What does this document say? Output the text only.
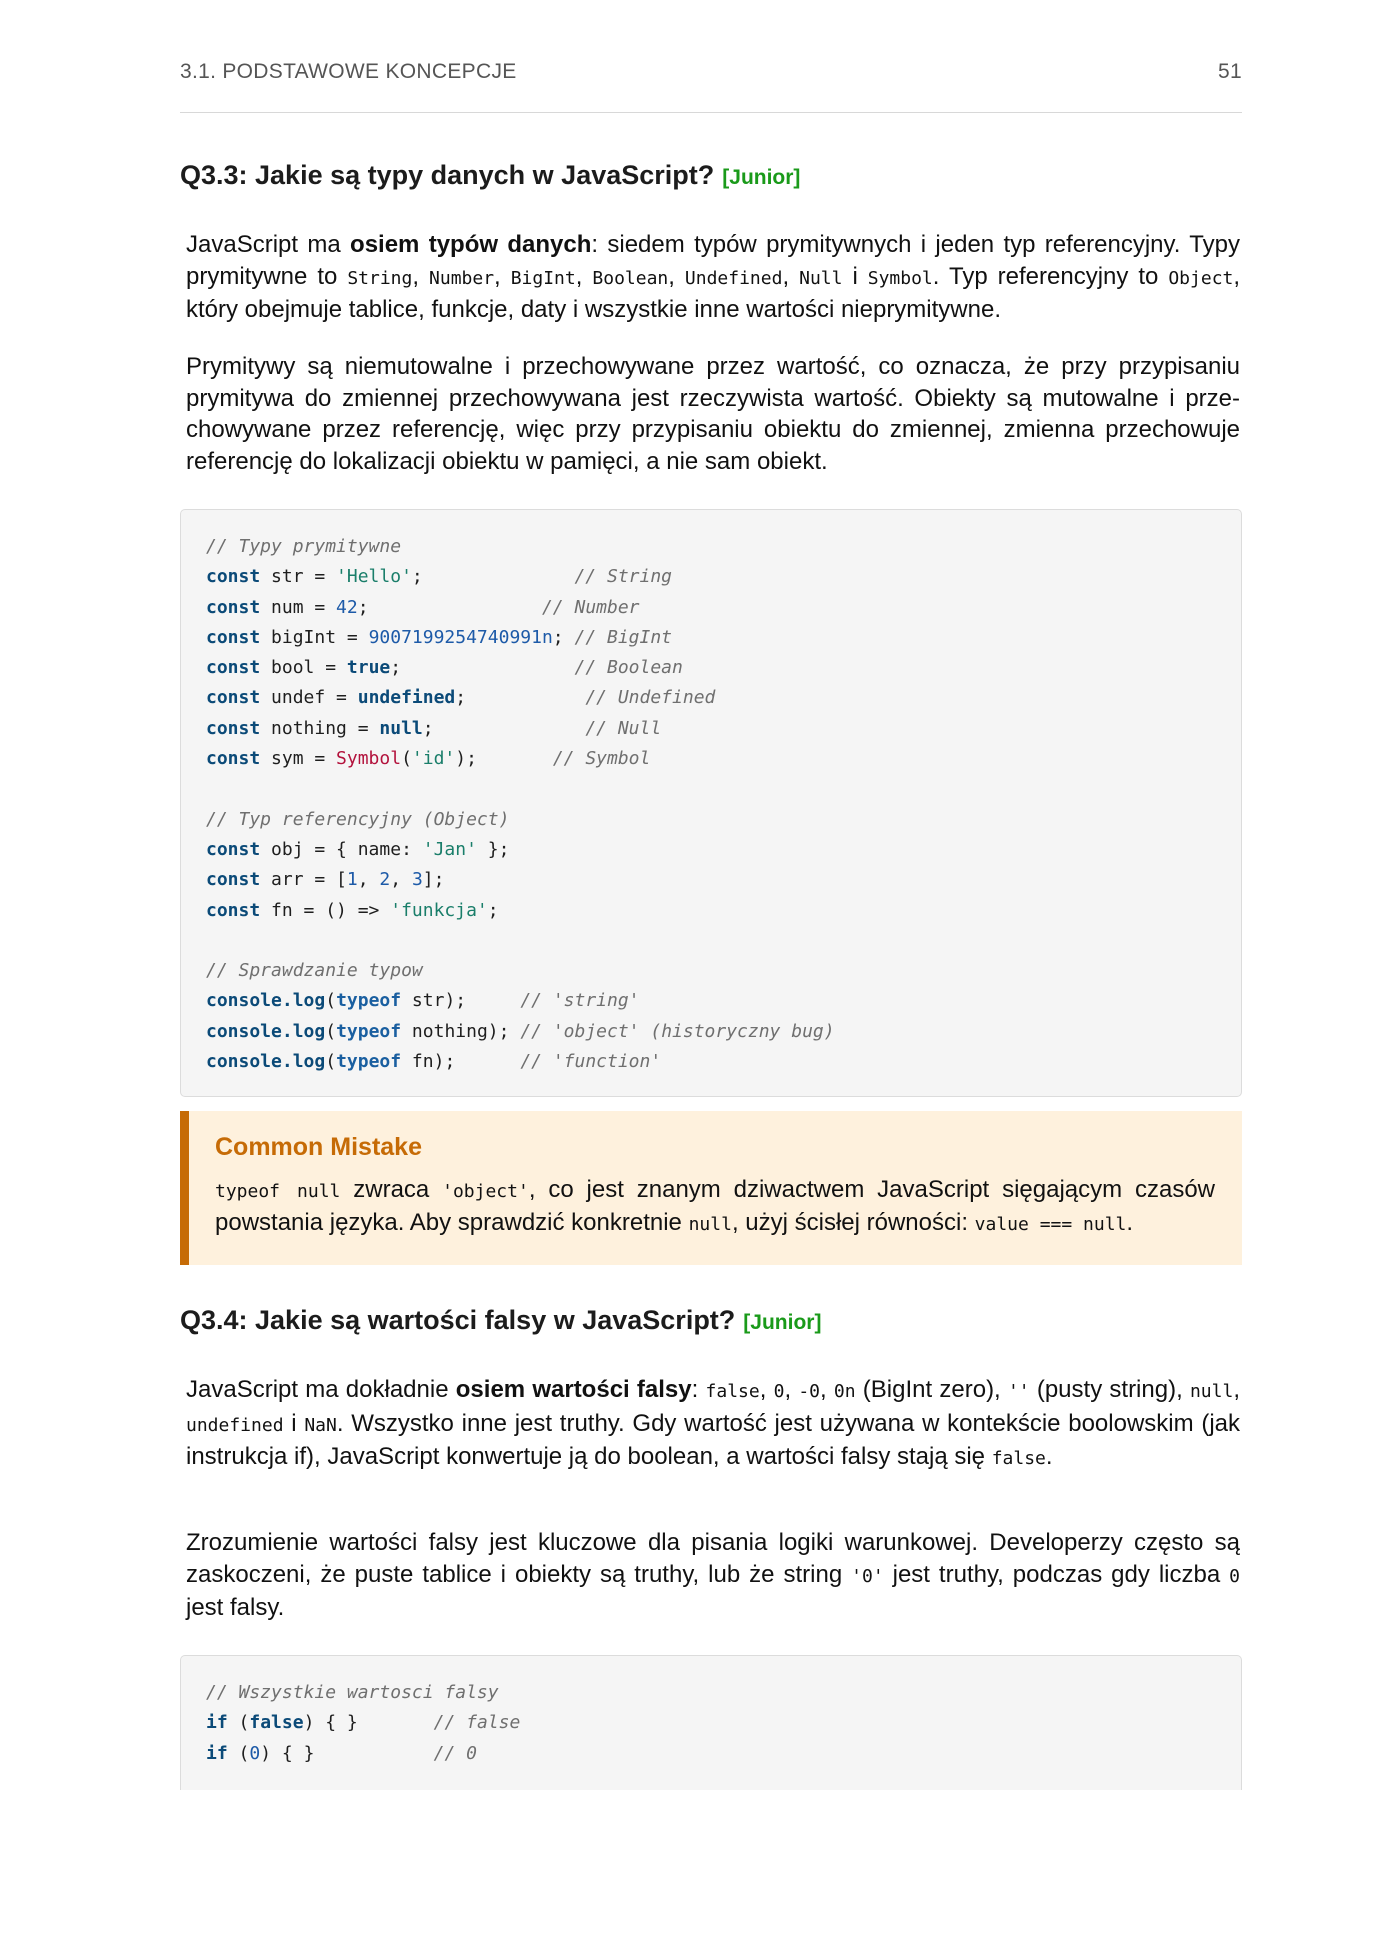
3.1. PODSTAWOWE KONCEPCJE	51
Q3.3: Jakie są typy danych w JavaScript? [Junior]
JavaScript ma osiem typów danych: siedem typów prymitywnych i jeden typ referencyjny. Typy prymitywne to String, Number, BigInt, Boolean, Undefined, Null i Symbol. Typ referencyjny to Object, który obejmuje tablice, funkcje, daty i wszystkie inne wartości nieprymitywne.
Prymitywy są niemutowalne i przechowywane przez wartość, co oznacza, że przy przypisaniu prymitywa do zmiennej przechowywana jest rzeczywista wartość. Obiekty są mutowalne i prze-chowywane przez referencję, więc przy przypisaniu obiektu do zmiennej, zmienna przechowuje referencję do lokalizacji obiektu w pamięci, a nie sam obiekt.
// Typy prymitywne
const str = 'Hello';              // String
const num = 42;                // Number
const bigInt = 9007199254740991n; // BigInt
const bool = true;                // Boolean
const undef = undefined;           // Undefined
const nothing = null;              // Null
const sym = Symbol('id');       // Symbol

// Typ referencyjny (Object)
const obj = { name: 'Jan' };
const arr = [1, 2, 3];
const fn = () => 'funkcja';

// Sprawdzanie typow
console.log(typeof str);     // 'string'
console.log(typeof nothing); // 'object' (historyczny bug)
console.log(typeof fn);      // 'function'
Common Mistake
typeof null zwraca 'object', co jest znanym dziwactwem JavaScript sięgającym czasów powstania języka. Aby sprawdzić konkretnie null, użyj ścisłej równości: value === null.
Q3.4: Jakie są wartości falsy w JavaScript? [Junior]
JavaScript ma dokładnie osiem wartości falsy: false, 0, -0, 0n (BigInt zero), '' (pusty string), null, undefined i NaN. Wszystko inne jest truthy. Gdy wartość jest używana w kontekście boolowskim (jak instrukcja if), JavaScript konwertuje ją do boolean, a wartości falsy stają się false.
Zrozumienie wartości falsy jest kluczowe dla pisania logiki warunkowej. Developerzy często są zaskoczeni, że puste tablice i obiekty są truthy, lub że string '0' jest truthy, podczas gdy liczba 0 jest falsy.
// Wszystkie wartosci falsy
if (false) { }       // false
if (0) { }           // 0
